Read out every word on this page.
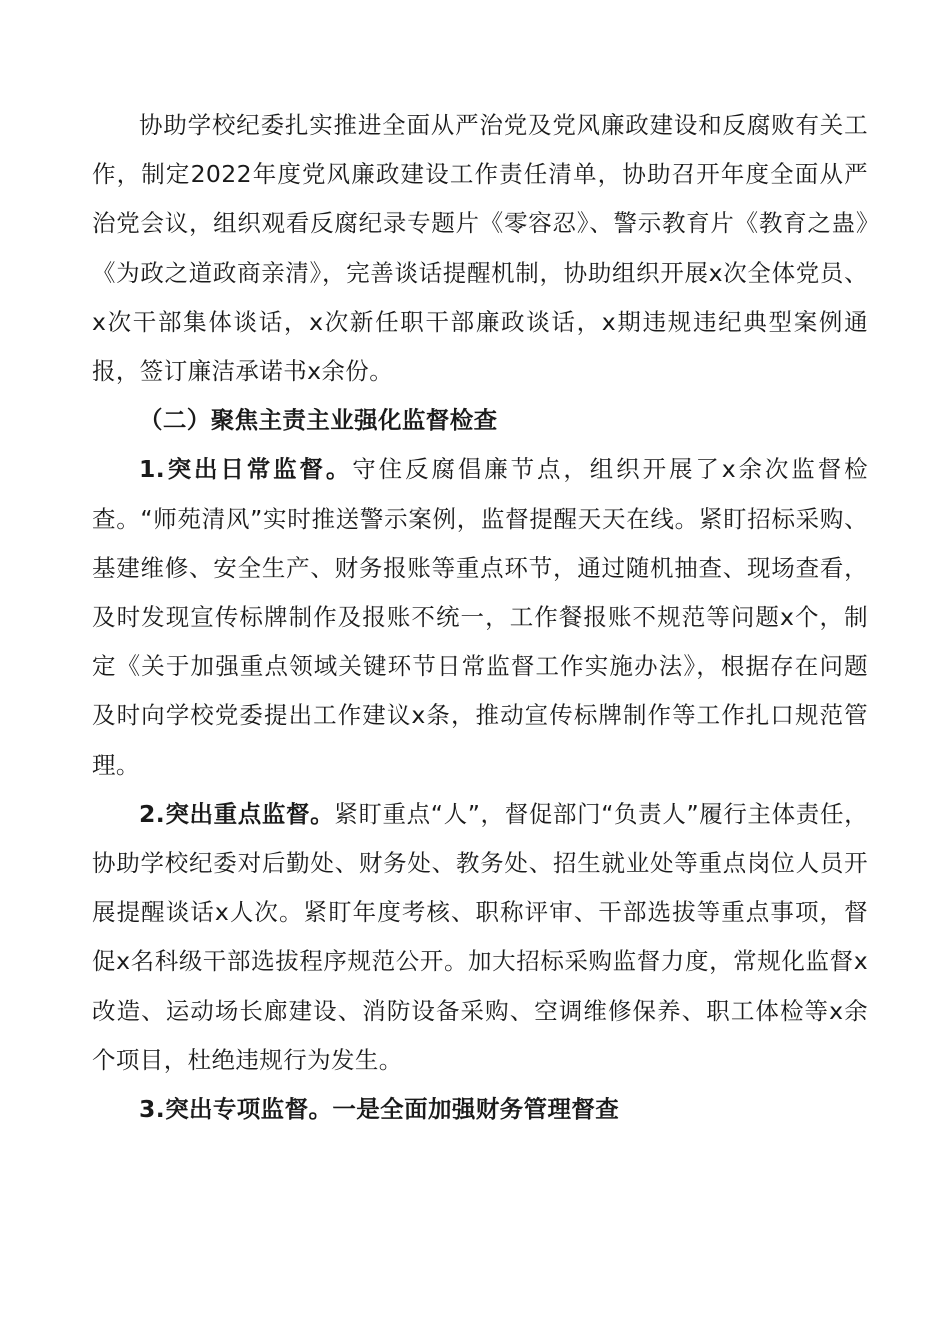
协助学校纪委扎实推进全面从严治党及党风廉政建设和反腐败有关工作，制定2022年度党风廉政建设工作责任清单，协助召开年度全面从严治党会议，组织观看反腐纪录专题片《零容忍》、警示教育片《教育之蛊》《为政之道政商亲清》，完善谈话提醒机制，协助组织开展x次全体党员、x次干部集体谈话，x次新任职干部廉政谈话，x期违规违纪典型案例通报，签订廉洁承诺书x余份。

（二）聚焦主责主业强化监督检查

1.突出日常监督。守住反腐倡廉节点，组织开展了x余次监督检查。“师苑清风”实时推送警示案例，监督提醒天天在线。紧盯招标采购、基建维修、安全生产、财务报账等重点环节，通过随机抽查、现场查看，及时发现宣传标牌制作及报账不统一，工作餐报账不规范等问题x个，制定《关于加强重点领域关键环节日常监督工作实施办法》，根据存在问题及时向学校党委提出工作建议x条，推动宣传标牌制作等工作扎口规范管理。

2.突出重点监督。紧盯重点“人”，督促部门“负责人”履行主体责任，协助学校纪委对后勤处、财务处、教务处、招生就业处等重点岗位人员开展提醒谈话x人次。紧盯年度考核、职称评审、干部选拔等重点事项，督促x名科级干部选拔程序规范公开。加大招标采购监督力度，常规化监督x改造、运动场长廊建设、消防设备采购、空调维修保养、职工体检等x余个项目，杜绝违规行为发生。

3.突出专项监督。一是全面加强财务管理督查
